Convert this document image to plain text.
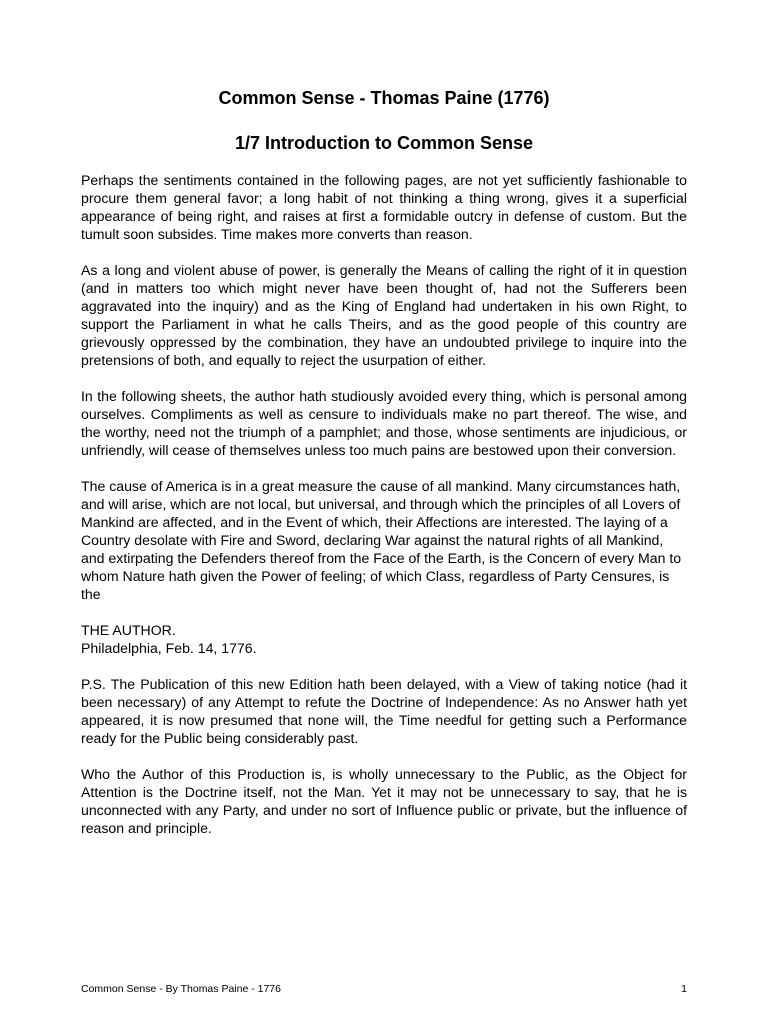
Common Sense - Thomas Paine (1776)
1/7 Introduction to Common Sense

Perhaps the sentiments contained in the following pages, are not yet sufficiently fashionable to procure them general favor; a long habit of not thinking a thing wrong, gives it a superficial appearance of being right, and raises at first a formidable outcry in defense of custom. But the tumult soon subsides. Time makes more converts than reason.

As a long and violent abuse of power, is generally the Means of calling the right of it in question (and in matters too which might never have been thought of, had not the Sufferers been aggravated into the inquiry) and as the King of England had undertaken in his own Right, to support the Parliament in what he calls Theirs, and as the good people of this country are grievously oppressed by the combination, they have an undoubted privilege to inquire into the pretensions of both, and equally to reject the usurpation of either.

In the following sheets, the author hath studiously avoided every thing, which is personal among ourselves. Compliments as well as censure to individuals make no part thereof. The wise, and the worthy, need not the triumph of a pamphlet; and those, whose sentiments are injudicious, or unfriendly, will cease of themselves unless too much pains are bestowed upon their conversion.

The cause of America is in a great measure the cause of all mankind. Many circumstances hath, and will arise, which are not local, but universal, and through which the principles of all Lovers of Mankind are affected, and in the Event of which, their Affections are interested. The laying of a Country desolate with Fire and Sword, declaring War against the natural rights of all Mankind, and extirpating the Defenders thereof from the Face of the Earth, is the Concern of every Man to whom Nature hath given the Power of feeling; of which Class, regardless of Party Censures, is the

THE AUTHOR.
Philadelphia, Feb. 14, 1776.

P.S. The Publication of this new Edition hath been delayed, with a View of taking notice (had it been necessary) of any Attempt to refute the Doctrine of Independence: As no Answer hath yet appeared, it is now presumed that none will, the Time needful for getting such a Performance ready for the Public being considerably past.

Who the Author of this Production is, is wholly unnecessary to the Public, as the Object for Attention is the Doctrine itself, not the Man. Yet it may not be unnecessary to say, that he is unconnected with any Party, and under no sort of Influence public or private, but the influence of reason and principle.

Common Sense - By Thomas Paine - 1776	1
